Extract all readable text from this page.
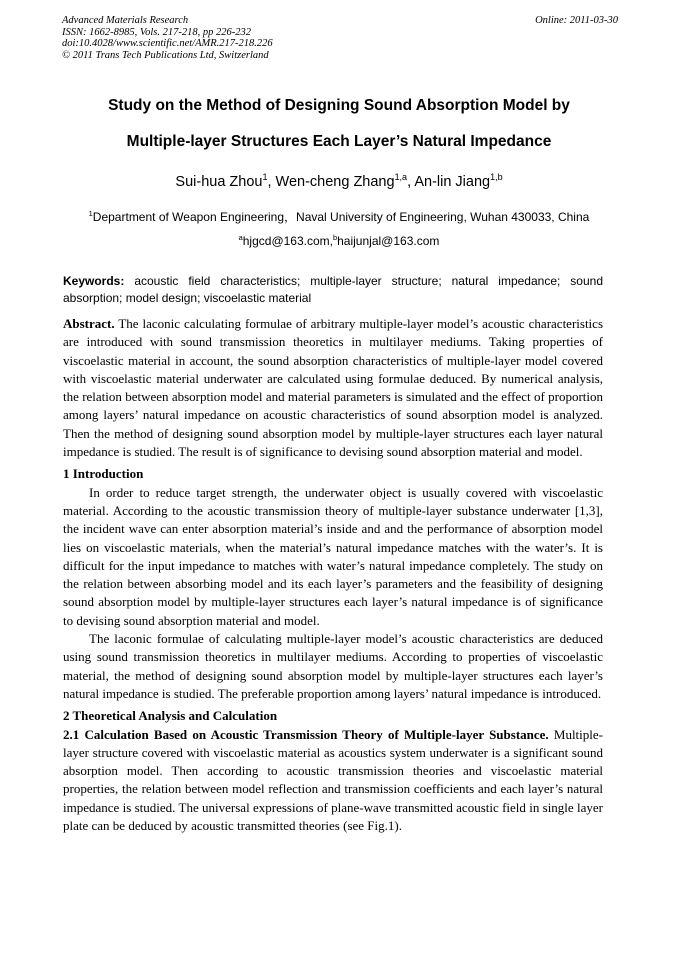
Advanced Materials Research
ISSN: 1662-8985, Vols. 217-218, pp 226-232
doi:10.4028/www.scientific.net/AMR.217-218.226
© 2011 Trans Tech Publications Ltd, Switzerland
Online: 2011-03-30
Study on the Method of Designing Sound Absorption Model by
Multiple-layer Structures Each Layer’s Natural Impedance
Sui-hua Zhou$^1$, Wen-cheng Zhang$^{1,a}$, An-lin Jiang$^{1,b}$
$^1$Department of Weapon Engineering，Naval University of Engineering, Wuhan 430033, China
$^a$hjgcd@163.com,$^b$haijunjal@163.com
Keywords: acoustic field characteristics; multiple-layer structure; natural impedance; sound absorption; model design; viscoelastic material

Abstract. The laconic calculating formulae of arbitrary multiple-layer model’s acoustic characteristics are introduced with sound transmission theoretics in multilayer mediums. Taking properties of viscoelastic material in account, the sound absorption characteristics of multiple-layer model covered with viscoelastic material underwater are calculated using formulae deduced. By numerical analysis, the relation between absorption model and material parameters is simulated and the effect of proportion among layers’ natural impedance on acoustic characteristics of sound absorption model is analyzed. Then the method of designing sound absorption model by multiple-layer structures each layer natural impedance is studied. The result is of significance to devising sound absorption material and model.

1 Introduction

In order to reduce target strength, the underwater object is usually covered with viscoelastic material. According to the acoustic transmission theory of multiple-layer substance underwater [1,3], the incident wave can enter absorption material’s inside and and the performance of absorption model lies on viscoelastic materials, when the material’s natural impedance matches with the water’s. It is difficult for the input impedance to matches with water’s natural impedance completely. The study on the relation between absorbing model and its each layer’s parameters and the feasibility of designing sound absorption model by multiple-layer structures each layer’s natural impedance is of significance to devising sound absorption material and model.

The laconic formulae of calculating multiple-layer model’s acoustic characteristics are deduced using sound transmission theoretics in multilayer mediums. According to properties of viscoelastic material, the method of designing sound absorption model by multiple-layer structures each layer’s natural impedance is studied. The preferable proportion among layers’ natural impedance is introduced.

2 Theoretical Analysis and Calculation

2.1 Calculation Based on Acoustic Transmission Theory of Multiple-layer Substance. Multiple-layer structure covered with viscoelastic material as acoustics system underwater is a significant sound absorption model. Then according to acoustic transmission theories and viscoelastic material properties, the relation between model reflection and transmission coefficients and each layer’s natural impedance is studied. The universal expressions of plane-wave transmitted acoustic field in single layer plate can be deduced by acoustic transmitted theories (see Fig.1).
